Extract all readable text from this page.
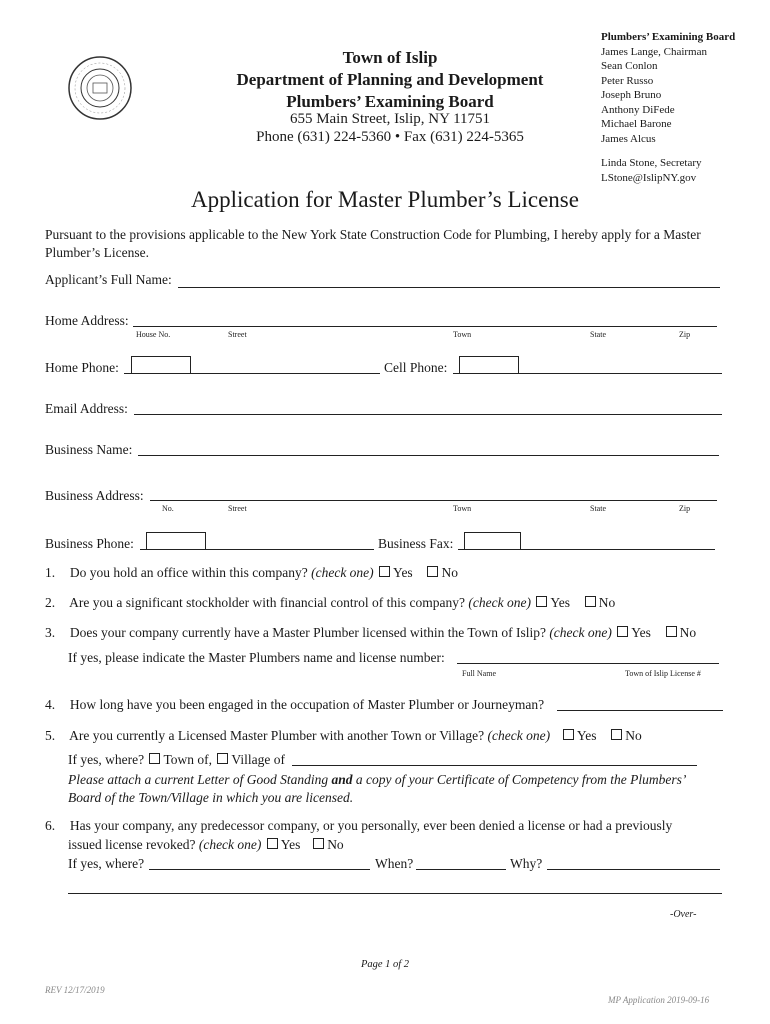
Town of Islip
Department of Planning and Development
Plumbers’ Examining Board
655 Main Street, Islip, NY 11751
Phone (631) 224-5360 • Fax (631) 224-5365
Plumbers’ Examining Board
James Lange, Chairman
Sean Conlon
Peter Russo
Joseph Bruno
Anthony DiFede
Michael Barone
James Alcus
Linda Stone, Secretary
LStone@IslipNY.gov
Application for Master Plumber’s License
Pursuant to the provisions applicable to the New York State Construction Code for Plumbing, I hereby apply for a Master Plumber’s License.
Applicant’s Full Name:
Home Address:
House No.	Street	Town	State	Zip
Home Phone:	Cell Phone:
Email Address:
Business Name:
Business Address:
No.	Street	Town	State	Zip
Business Phone:	Business Fax:
1. Do you hold an office within this company? (check one) Yes No
2. Are you a significant stockholder with financial control of this company? (check one) Yes No
3. Does your company currently have a Master Plumber licensed within the Town of Islip? (check one) Yes No
If yes, please indicate the Master Plumbers name and license number:
Full Name	Town of Islip License #
4. How long have you been engaged in the occupation of Master Plumber or Journeyman?
5. Are you currently a Licensed Master Plumber with another Town or Village? (check one) Yes No
If yes, where? Town of, Village of
Please attach a current Letter of Good Standing and a copy of your Certificate of Competency from the Plumbers’
Board of the Town/Village in which you are licensed.
6. Has your company, any predecessor company, or you personally, ever been denied a license or had a previously
issued license revoked? (check one) Yes No
If yes, where?	When?	Why?
-Over-
Page 1 of 2
REV 12/17/2019
MP Application 2019-09-16
